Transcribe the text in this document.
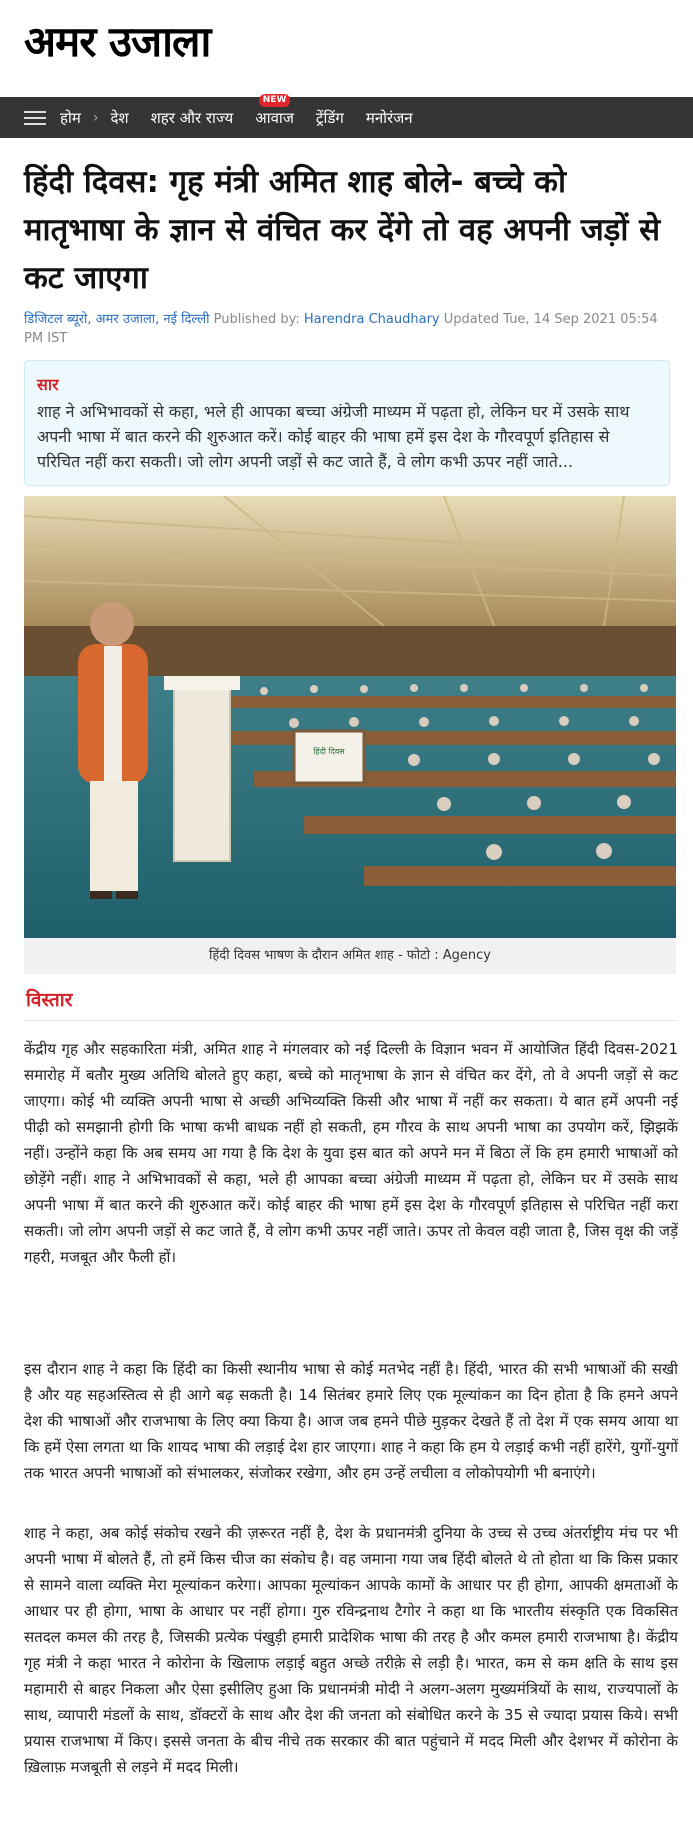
अमर उजाला
होम › देश शहर और राज्य आवाज
NEW
ट्रेंडिंग मनोरंजन
हिंदी दिवस: गृह मंत्री अमित शाह बोले- बच्चे को मातृभाषा के ज्ञान से वंचित कर देंगे तो वह अपनी जड़ों से कट जाएगा
डिजिटल ब्यूरो, अमर उजाला, नई दिल्ली Published by: Harendra Chaudhary Updated Tue, 14 Sep 2021 05:54 PM IST
सार
शाह ने अभिभावकों से कहा, भले ही आपका बच्चा अंग्रेजी माध्यम में पढ़ता हो, लेकिन घर में उसके साथ अपनी भाषा में बात करने की शुरुआत करें। कोई बाहर की भाषा हमें इस देश के गौरवपूर्ण इतिहास से परिचित नहीं करा सकती। जो लोग अपनी जड़ों से कट जाते हैं, वे लोग कभी ऊपर नहीं जाते...
हिंदी दिवस
हिंदी दिवस भाषण के दौरान अमित शाह - फोटो : Agency
विस्तार

केंद्रीय गृह और सहकारिता मंत्री, अमित शाह ने मंगलवार को नई दिल्ली के विज्ञान भवन में आयोजित हिंदी दिवस-2021 समारोह में बतौर मुख्य अतिथि बोलते हुए कहा, बच्चे को मातृभाषा के ज्ञान से वंचित कर देंगे, तो वे अपनी जड़ों से कट जाएगा। कोई भी व्यक्ति अपनी भाषा से अच्छी अभिव्यक्ति किसी और भाषा में नहीं कर सकता। ये बात हमें अपनी नई पीढ़ी को समझानी होगी कि भाषा कभी बाधक नहीं हो सकती, हम गौरव के साथ अपनी भाषा का उपयोग करें, झिझकें नहीं। उन्होंने कहा कि अब समय आ गया है कि देश के युवा इस बात को अपने मन में बिठा लें कि हम हमारी भाषाओं को छोड़ेंगे नहीं। शाह ने अभिभावकों से कहा, भले ही आपका बच्चा अंग्रेजी माध्यम में पढ़ता हो, लेकिन घर में उसके साथ अपनी भाषा में बात करने की शुरुआत करें। कोई बाहर की भाषा हमें इस देश के गौरवपूर्ण इतिहास से परिचित नहीं करा सकती। जो लोग अपनी जड़ों से कट जाते हैं, वे लोग कभी ऊपर नहीं जाते। ऊपर तो केवल वही जाता है, जिस वृक्ष की जड़ें गहरी, मजबूत और फैली हों।

इस दौरान शाह ने कहा कि हिंदी का किसी स्थानीय भाषा से कोई मतभेद नहीं है। हिंदी, भारत की सभी भाषाओं की सखी है और यह सहअस्तित्व से ही आगे बढ़ सकती है। 14 सितंबर हमारे लिए एक मूल्यांकन का दिन होता है कि हमने अपने देश की भाषाओं और राजभाषा के लिए क्या किया है। आज जब हमने पीछे मुड़कर देखते हैं तो देश में एक समय आया था कि हमें ऐसा लगता था कि शायद भाषा की लड़ाई देश हार जाएगा। शाह ने कहा कि हम ये लड़ाई कभी नहीं हारेंगे, युगों-युगों तक भारत अपनी भाषाओं को संभालकर, संजोकर रखेगा, और हम उन्हें लचीला व लोकोपयोगी भी बनाएंगे।

शाह ने कहा, अब कोई संकोच रखने की ज़रूरत नहीं है, देश के प्रधानमंत्री दुनिया के उच्च से उच्च अंतर्राष्ट्रीय मंच पर भी अपनी भाषा में बोलते हैं, तो हमें किस चीज का संकोच है। वह जमाना गया जब हिंदी बोलते थे तो होता था कि किस प्रकार से सामने वाला व्यक्ति मेरा मूल्यांकन करेगा। आपका मूल्यांकन आपके कामों के आधार पर ही होगा, आपकी क्षमताओं के आधार पर ही होगा, भाषा के आधार पर नहीं होगा। गुरु रविन्द्रनाथ टैगोर ने कहा था कि भारतीय संस्कृति एक विकसित सतदल कमल की तरह है, जिसकी प्रत्येक पंखुड़ी हमारी प्रादेशिक भाषा की तरह है और कमल हमारी राजभाषा है। केंद्रीय गृह मंत्री ने कहा भारत ने कोरोना के खिलाफ लड़ाई बहुत अच्छे तरीक़े से लड़ी है। भारत, कम से कम क्षति के साथ इस महामारी से बाहर निकला और ऐसा इसीलिए हुआ कि प्रधानमंत्री मोदी ने अलग-अलग मुख्यमंत्रियों के साथ, राज्यपालों के साथ, व्यापारी मंडलों के साथ, डॉक्टरों के साथ और देश की जनता को संबोधित करने के 35 से ज्यादा प्रयास किये। सभी प्रयास राजभाषा में किए। इससे जनता के बीच नीचे तक सरकार की बात पहुंचाने में मदद मिली और देशभर में कोरोना के ख़िलाफ़ मजबूती से लड़ने में मदद मिली।
